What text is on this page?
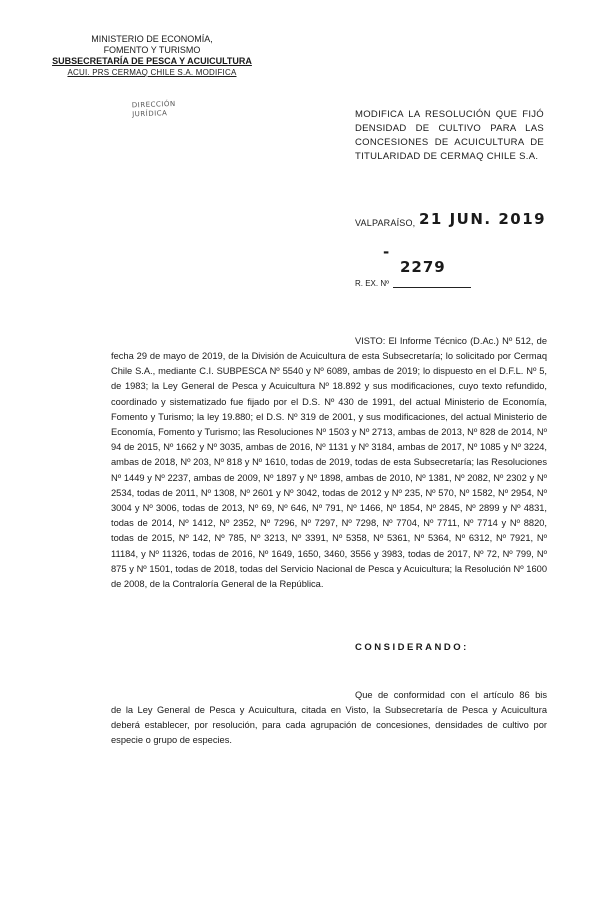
MINISTERIO DE ECONOMÍA,
FOMENTO Y TURISMO
SUBSECRETARÍA DE PESCA Y ACUICULTURA
ACUI. PRS CERMAQ CHILE S.A. MODIFICA
DIRECCIÓN
JURÍDICA	MODIFICA LA RESOLUCIÓN QUE FIJÓ
DENSIDAD DE CULTIVO PARA LAS
CONCESIONES DE ACUICULTURA DE
TITULARIDAD DE CERMAQ CHILE S.A.
VALPARAÍSO, 21 JUN. 2019
-
2279
R. EX. Nº
VISTO: El Informe Técnico (D.Ac.) Nº 512, de
fecha 29 de mayo de 2019, de la División de Acuicultura de esta Subsecretaría; lo solicitado por Cermaq Chile S.A., mediante C.I. SUBPESCA Nº 5540 y Nº 6089, ambas de 2019; lo dispuesto en el D.F.L. Nº 5, de 1983; la Ley General de Pesca y Acuicultura Nº 18.892 y sus modificaciones, cuyo texto refundido, coordinado y sistematizado fue fijado por el D.S. Nº 430 de 1991, del actual Ministerio de Economía, Fomento y Turismo; la ley 19.880; el D.S. Nº 319 de 2001, y sus modificaciones, del actual Ministerio de Economía, Fomento y Turismo; las Resoluciones Nº 1503 y Nº 2713, ambas de 2013, Nº 828 de 2014, Nº 94 de 2015, Nº 1662 y Nº 3035, ambas de 2016, Nº 1131 y Nº 3184, ambas de 2017, Nº 1085 y Nº 3224, ambas de 2018, Nº 203, Nº 818 y Nº 1610, todas de 2019, todas de esta Subsecretaría; las Resoluciones Nº 1449 y Nº 2237, ambas de 2009, Nº 1897 y Nº 1898, ambas de 2010, Nº 1381, Nº 2082, Nº 2302 y Nº 2534, todas de 2011, Nº 1308, Nº 2601 y Nº 3042, todas de 2012 y Nº 235, Nº 570, Nº 1582, Nº 2954, Nº 3004 y Nº 3006, todas de 2013, Nº 69, Nº 646, Nº 791, Nº 1466, Nº 1854, Nº 2845, Nº 2899 y Nº 4831, todas de 2014, Nº 1412, Nº 2352, Nº 7296, Nº 7297, Nº 7298, Nº 7704, Nº 7711, Nº 7714 y Nº 8820, todas de 2015, Nº 142, Nº 785, Nº 3213, Nº 3391, Nº 5358, Nº 5361, Nº 5364, Nº 6312, Nº 7921, Nº 11184, y Nº 11326, todas de 2016, Nº 1649, 1650, 3460, 3556 y 3983, todas de 2017, Nº 72, Nº 799, Nº 875 y Nº 1501, todas de 2018, todas del Servicio Nacional de Pesca y Acuicultura; la Resolución Nº 1600 de 2008, de la Contraloría General de la República.
CONSIDERANDO:
Que de conformidad con el artículo 86 bis
de la Ley General de Pesca y Acuicultura, citada en Visto, la Subsecretaría de Pesca y Acuicultura deberá establecer, por resolución, para cada agrupación de concesiones, densidades de cultivo por especie o grupo de especies.
